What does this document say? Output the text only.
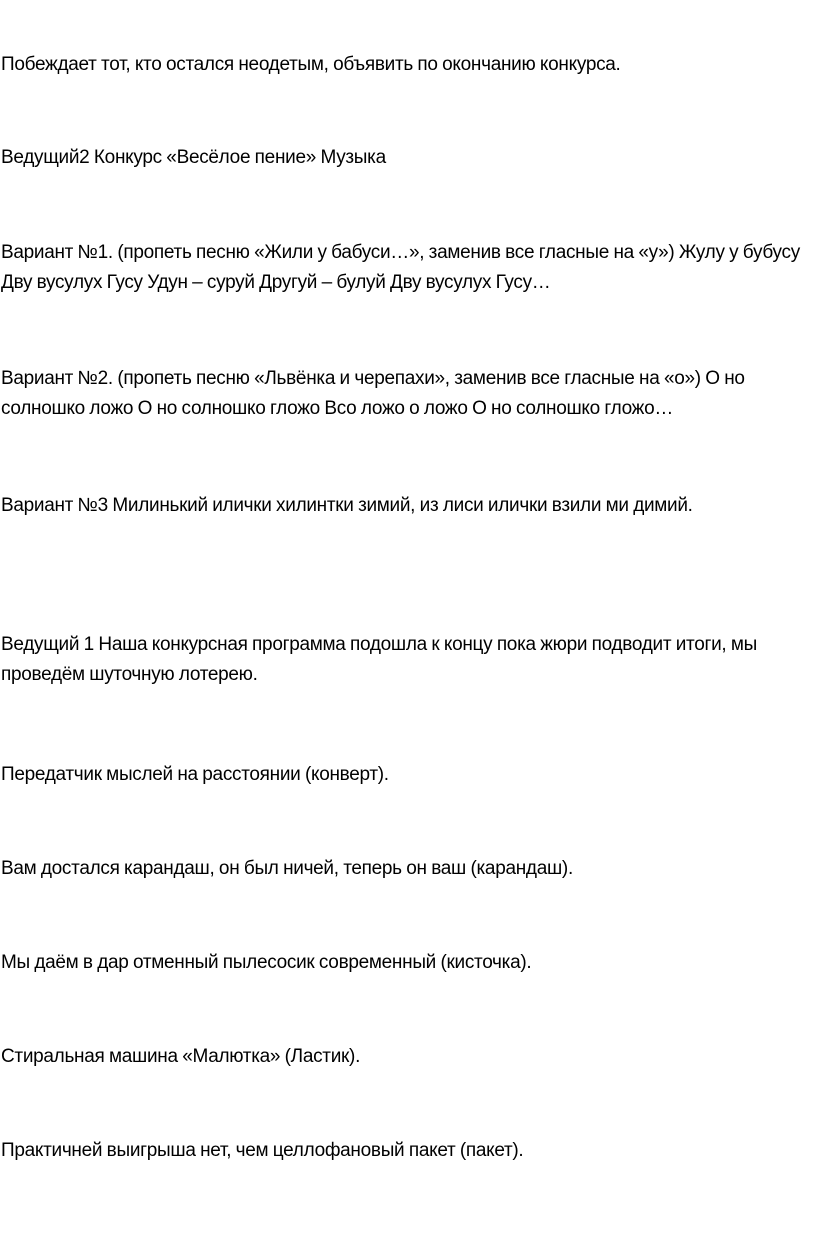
Побеждает тот, кто остался неодетым, объявить по окончанию конкурса.

Ведущий2 Конкурс «Весёлое пение» Музыка

Вариант №1. (пропеть песню «Жили у бабуси…», заменив все гласные на «у») Жулу у бубусу Дву вусулух Гусу Удун – суруй Другуй – булуй Дву вусулух Гусу…

Вариант №2. (пропеть песню «Львёнка и черепахи», заменив все гласные на «о») О но солношко ложо О но солношко гложо Всо ложо о ложо О но солношко гложо…

Вариант №3 Милинький илички хилинтки зимий, из лиси илички взили ми димий.

Ведущий 1 Наша конкурсная программа подошла к концу пока жюри подводит итоги, мы проведём шуточную лотерею.

Передатчик мыслей на расстоянии (конверт).

Вам достался карандаш, он был ничей, теперь он ваш (карандаш).

Мы даём в дар отменный пылесосик современный (кисточка).

Стиральная машина «Малютка» (Ластик).

Практичней выигрыша нет, чем целлофановый пакет (пакет).
